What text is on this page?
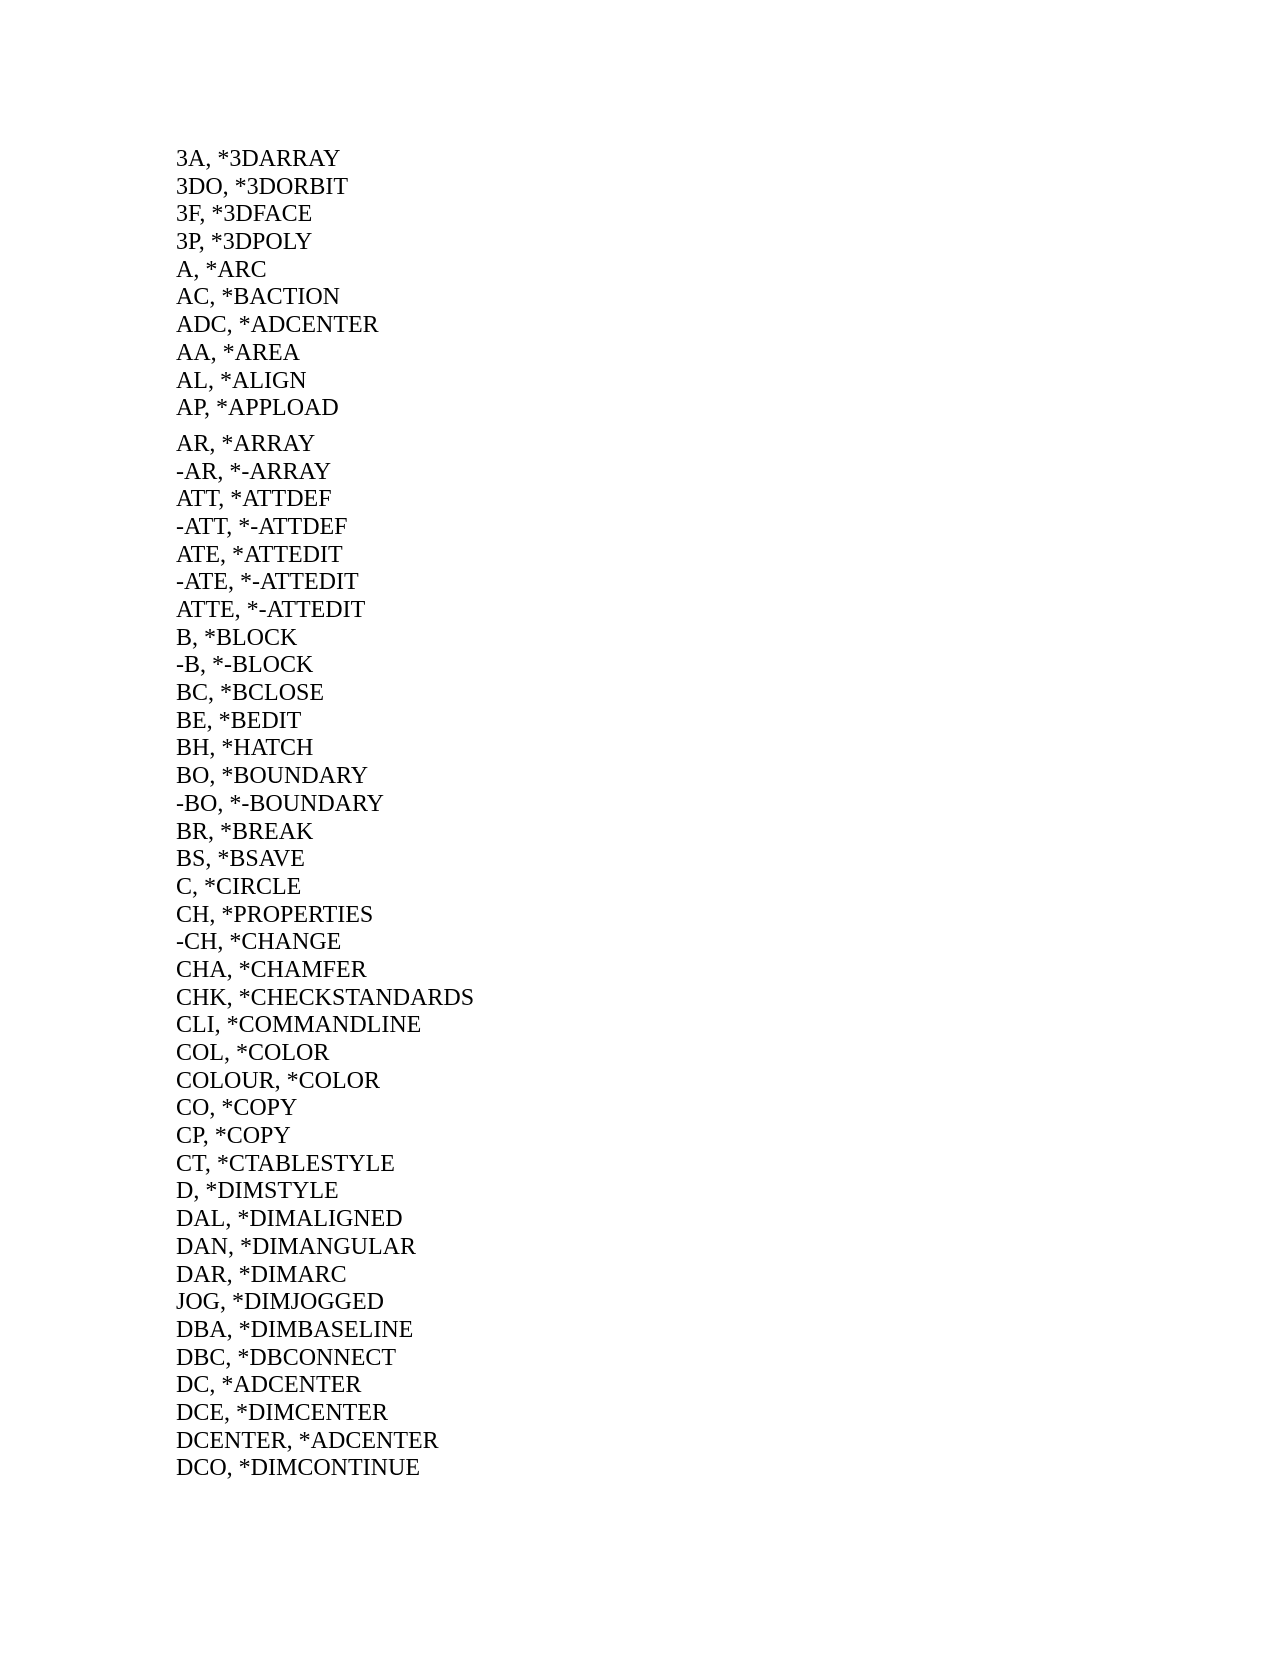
3A, *3DARRAY
3DO, *3DORBIT
3F, *3DFACE
3P, *3DPOLY
A, *ARC
AC, *BACTION
ADC, *ADCENTER
AA, *AREA
AL, *ALIGN
AP, *APPLOAD
AR, *ARRAY
-AR, *-ARRAY
ATT, *ATTDEF
-ATT, *-ATTDEF
ATE, *ATTEDIT
-ATE, *-ATTEDIT
ATTE, *-ATTEDIT
B, *BLOCK
-B, *-BLOCK
BC, *BCLOSE
BE, *BEDIT
BH, *HATCH
BO, *BOUNDARY
-BO, *-BOUNDARY
BR, *BREAK
BS, *BSAVE
C, *CIRCLE
CH, *PROPERTIES
-CH, *CHANGE
CHA, *CHAMFER
CHK, *CHECKSTANDARDS
CLI, *COMMANDLINE
COL, *COLOR
COLOUR, *COLOR
CO, *COPY
CP, *COPY
CT, *CTABLESTYLE
D, *DIMSTYLE
DAL, *DIMALIGNED
DAN, *DIMANGULAR
DAR, *DIMARC
JOG, *DIMJOGGED
DBA, *DIMBASELINE
DBC, *DBCONNECT
DC, *ADCENTER
DCE, *DIMCENTER
DCENTER, *ADCENTER
DCO, *DIMCONTINUE
